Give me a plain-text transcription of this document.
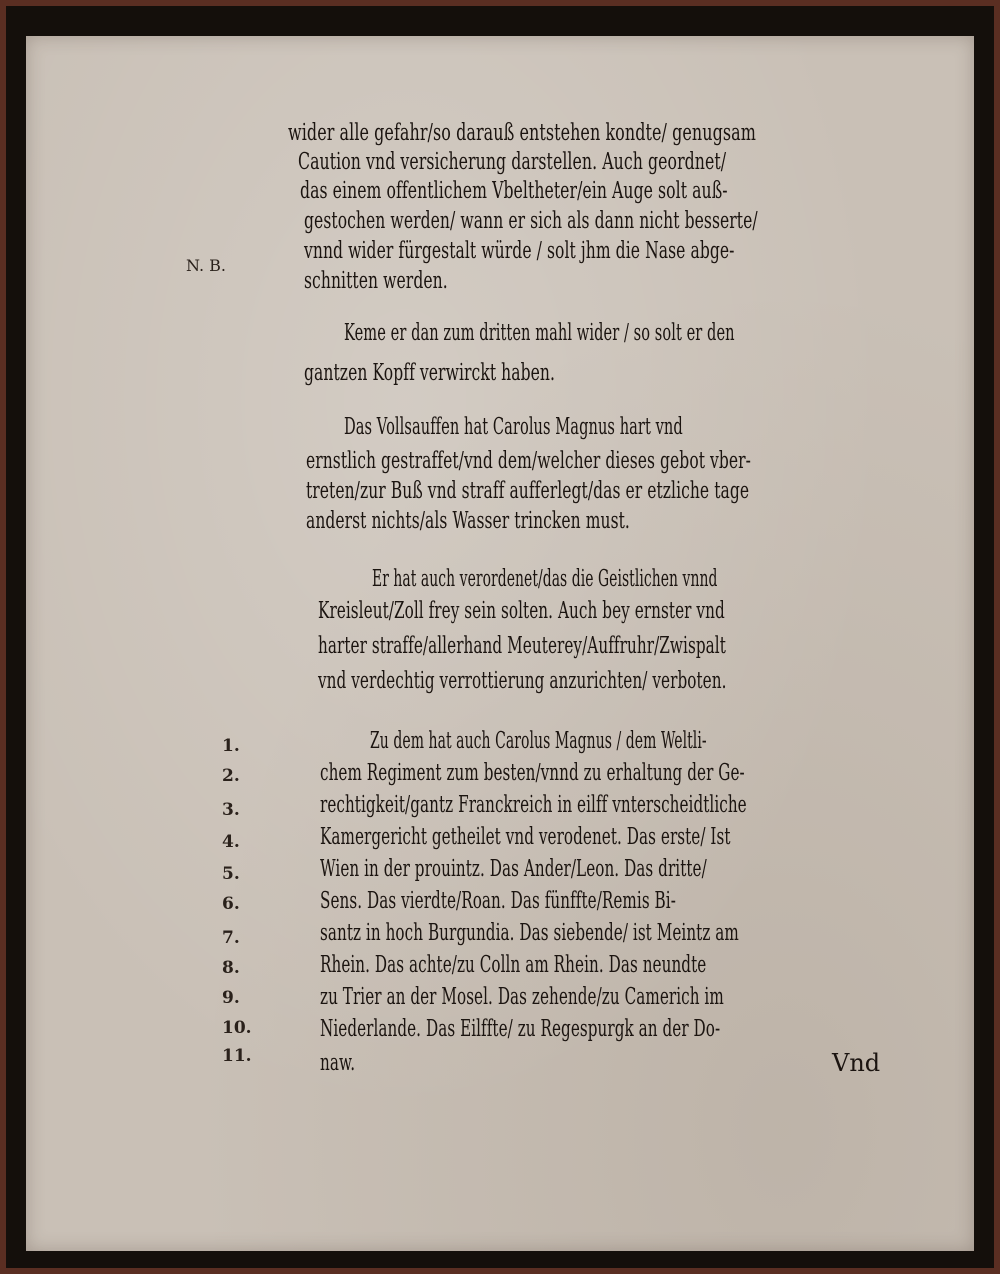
N. B.
wider alle gefahr/so darauß entstehen kondte/ genugsam
Caution vnd versicherung darstellen. Auch geordnet/
das einem offentlichem Vbeltheter/ein Auge solt auß-
gestochen werden/ wann er sich als dann nicht besserte/
vnnd wider fürgestalt würde / solt jhm die Nase abge-
schnitten werden.
Keme er dan zum dritten mahl wider / so solt er den
gantzen Kopff verwirckt haben.
Das Vollsauffen hat Carolus Magnus hart vnd
ernstlich gestraffet/vnd dem/welcher dieses gebot vber-
treten/zur Buß vnd straff aufferlegt/das er etzliche tage
anderst nichts/als Wasser trincken must.
Er hat auch verordenet/das die Geistlichen vnnd
Kreisleut/Zoll frey sein solten. Auch bey ernster vnd
harter straffe/allerhand Meuterey/Auffruhr/Zwispalt
vnd verdechtig verrottierung anzurichten/ verboten.
Zu dem hat auch Carolus Magnus / dem Weltli-
chem Regiment zum besten/vnnd zu erhaltung der Ge-
rechtigkeit/gantz Franckreich in eilff vnterscheidtliche
Kamergericht getheilet vnd verodenet. Das erste/ Ist
Wien in der prouintz. Das Ander/Leon. Das dritte/
Sens. Das vierdte/Roan. Das fünffte/Remis Bi-
santz in hoch Burgundia. Das siebende/ ist Meintz am
Rhein. Das achte/zu Colln am Rhein. Das neundte
zu Trier an der Mosel. Das zehende/zu Camerich im
Niederlande. Das Eilffte/ zu Regespurgk an der Do-
naw.
1.
2.
3.
4.
5.
6.
7.
8.
9.
10.
11.	Vnd
